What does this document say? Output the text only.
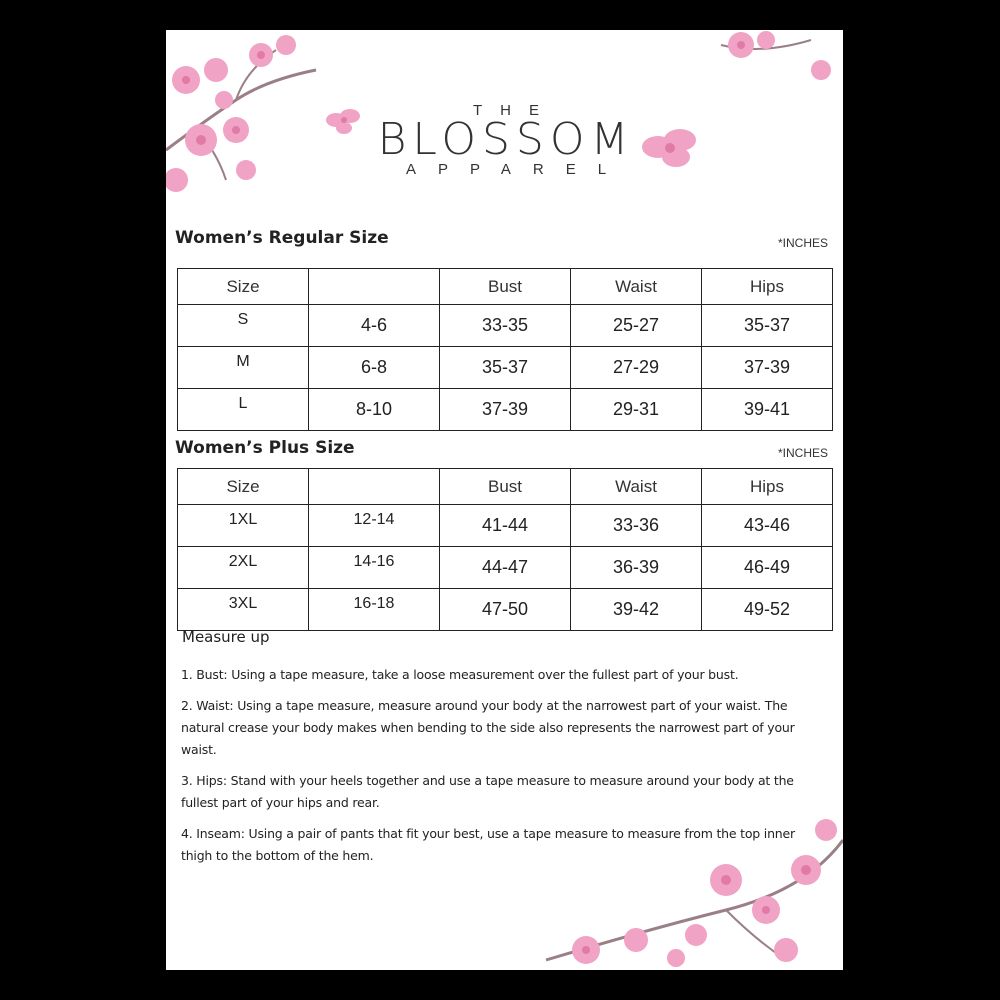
THE
BLOSSOM
APPAREL
Women’s Regular Size	*INCHES
Size		Bust	Waist	Hips
S	4-6	33-35	25-27	35-37
M	6-8	35-37	27-29	37-39
L	8-10	37-39	29-31	39-41
Women’s Plus Size	*INCHES
Size		Bust	Waist	Hips
1XL	12-14	41-44	33-36	43-46
2XL	14-16	44-47	36-39	46-49
3XL	16-18	47-50	39-42	49-52
Measure up

1. Bust: Using a tape measure, take a loose measurement over the fullest part of your bust.

2. Waist: Using a tape measure, measure around your body at the narrowest part of your waist. The natural crease your body makes when bending to the side also represents the narrowest part of your waist.

3. Hips: Stand with your heels together and use a tape measure to measure around your body at the fullest part of your hips and rear.

4. Inseam: Using a pair of pants that fit your best, use a tape measure to measure from the top inner thigh to the bottom of the hem.
